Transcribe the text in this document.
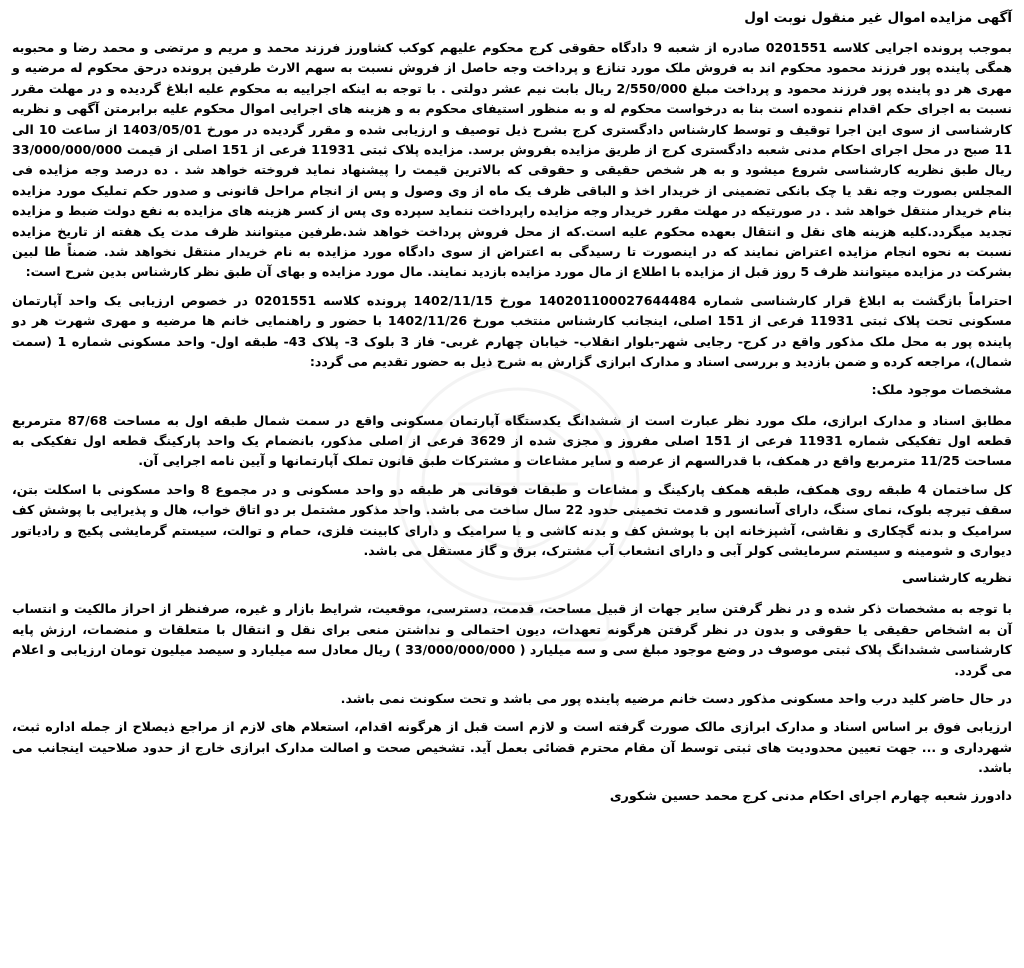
آگهی مزایده اموال غیر منقول نوبت اول

بموجب پرونده اجرایی کلاسه 0201551 صادره از شعبه 9 دادگاه حقوقی کرج محکوم علیهم کوکب کشاورز فرزند محمد و مریم و مرتضی و محمد رضا و محبوبه همگی پاینده پور فرزند محمود محکوم اند به فروش ملک مورد تنازع و پرداخت وجه حاصل از فروش نسبت به سهم الارث طرفین پرونده درحق محکوم له مرضیه و مهری هر دو پاینده پور فرزند محمود و پرداخت مبلغ 2/550/000 ریال بابت نیم عشر دولتی . با توجه به اینکه اجراییه به محکوم علیه ابلاغ گردیده و در مهلت مقرر نسبت به اجرای حکم اقدام ننموده است بنا به درخواست محکوم له و به منظور استیفای محکوم به و هزینه های اجرایی اموال محکوم علیه برابرمتن آگهی و نظریه کارشناسی از سوی این اجرا توقیف و توسط کارشناس دادگستری کرج بشرح ذیل توصیف و ارزیابی شده و مقرر گردیده در مورخ 1403/05/01 از ساعت 10 الی 11 صبح در محل اجرای احکام مدنی شعبه دادگستری کرج از طریق مزایده بفروش برسد. مزایده پلاک ثبتی 11931 فرعی از 151 اصلی از قیمت 33/000/000/000 ریال طبق نظریه کارشناسی شروع میشود و به هر شخص حقیقی و حقوقی که بالاترین قیمت را پیشنهاد نماید فروخته خواهد شد . ده درصد وجه مزایده فی المجلس بصورت وجه نقد یا چک بانکی تضمینی از خریدار اخذ و الباقی ظرف یک ماه از وی وصول و پس از انجام مراحل قانونی و صدور حکم تملیک مورد مزایده بنام خریدار منتقل خواهد شد . در صورتیکه در مهلت مقرر خریدار وجه مزایده راپرداخت ننماید سپرده وی پس از کسر هزینه های مزایده به نفع دولت ضبط و مزایده تجدید میگردد.کلیه هزینه های نقل و انتقال بعهده محکوم علیه است.که از محل فروش پرداخت خواهد شد.طرفین میتوانند ظرف مدت یک هفته از تاریخ مزایده نسبت به نحوه انجام مزایده اعتراض نمایند که در اینصورت تا رسیدگی به اعتراض از سوی دادگاه مورد مزایده به نام خریدار منتقل نخواهد شد. ضمناً طا لبین بشرکت در مزایده میتوانند ظرف 5 روز قبل از مزایده با اطلاع از مال مورد مزایده بازدید نمایند. مال مورد مزایده و بهای آن طبق نظر کارشناس بدین شرح است:

احتراماً بازگشت به ابلاغ قرار کارشناسی شماره 140201100027644484 مورخ 1402/11/15 پرونده کلاسه 0201551 در خصوص ارزیابی یک واحد آپارتمان مسکونی تحت پلاک ثبتی 11931 فرعی از 151 اصلی، اینجانب کارشناس منتخب مورخ 1402/11/26 با حضور و راهنمایی خانم ها مرضیه و مهری شهرت هر دو پاینده پور به محل ملک مذکور واقع در کرج- رجایی شهر-بلوار انقلاب- خیابان چهارم غربی- فاز 3 بلوک 3- پلاک 43- طبقه اول- واحد مسکونی شماره 1 (سمت شمال)، مراجعه کرده و ضمن بازدید و بررسی اسناد و مدارک ابرازی گزارش به شرح ذیل به حضور تقدیم می گردد:

مشخصات موجود ملک:

مطابق اسناد و مدارک ابرازی، ملک مورد نظر عبارت است از ششدانگ یکدستگاه آپارتمان مسکونی واقع در سمت شمال طبقه اول به مساحت 87/68 مترمربع قطعه اول تفکیکی شماره 11931 فرعی از 151 اصلی مفروز و مجزی شده از 3629 فرعی از اصلی مذکور، بانضمام یک واحد پارکینگ قطعه اول تفکیکی به مساحت 11/25 مترمربع واقع در همکف، با قدرالسهم از عرصه و سایر مشاعات و مشترکات طبق قانون تملک آپارتمانها و آیین نامه اجرایی آن.

کل ساختمان 4 طبقه روی همکف، طبقه همکف پارکینگ و مشاعات و طبقات فوقانی هر طبقه دو واحد مسکونی و در مجموع 8 واحد مسکونی با اسکلت بتن، سقف تیرچه بلوک، نمای سنگ، دارای آسانسور و قدمت تخمینی حدود 22 سال ساخت می باشد. واحد مذکور مشتمل بر دو اتاق خواب، هال و پذیرایی با پوشش کف سرامیک و بدنه گچکاری و نقاشی، آشپزخانه اپن با پوشش کف و بدنه کاشی و یا سرامیک و دارای کابینت فلزی، حمام و توالت، سیستم گرمایشی پکیج و رادیاتور دیواری و شومینه و سیستم سرمایشی کولر آبی و دارای انشعاب آب مشترک، برق و گاز مستقل می باشد.

نظریه کارشناسی

با توجه به مشخصات ذکر شده و در نظر گرفتن سایر جهات از قبیل مساحت، قدمت، دسترسی، موقعیت، شرایط بازار و غیره، صرفنظر از احراز مالکیت و انتساب آن به اشخاص حقیقی یا حقوقی و بدون در نظر گرفتن هرگونه تعهدات، دیون احتمالی و نداشتن منعی برای نقل و انتقال با متعلقات و منضمات، ارزش پایه کارشناسی ششدانگ پلاک ثبتی موصوف در وضع موجود مبلغ سی و سه میلیارد ( 33/000/000/000 ) ریال معادل سه میلیارد و سیصد میلیون تومان ارزیابی و اعلام می گردد.

در حال حاضر کلید درب واحد مسکونی مذکور دست خانم مرضیه پاینده پور می باشد و تحت سکونت نمی باشد.

ارزیابی فوق بر اساس اسناد و مدارک ابرازی مالک صورت گرفته است و لازم است قبل از هرگونه اقدام، استعلام های لازم از مراجع ذیصلاح از جمله اداره ثبت، شهرداری و ... جهت تعیین محدودیت های ثبتی توسط آن مقام محترم قضائی بعمل آید. تشخیص صحت و اصالت مدارک ابرازی خارج از حدود صلاحیت اینجانب می باشد.

دادورز شعبه چهارم اجرای احکام مدنی کرج محمد حسین شکوری
